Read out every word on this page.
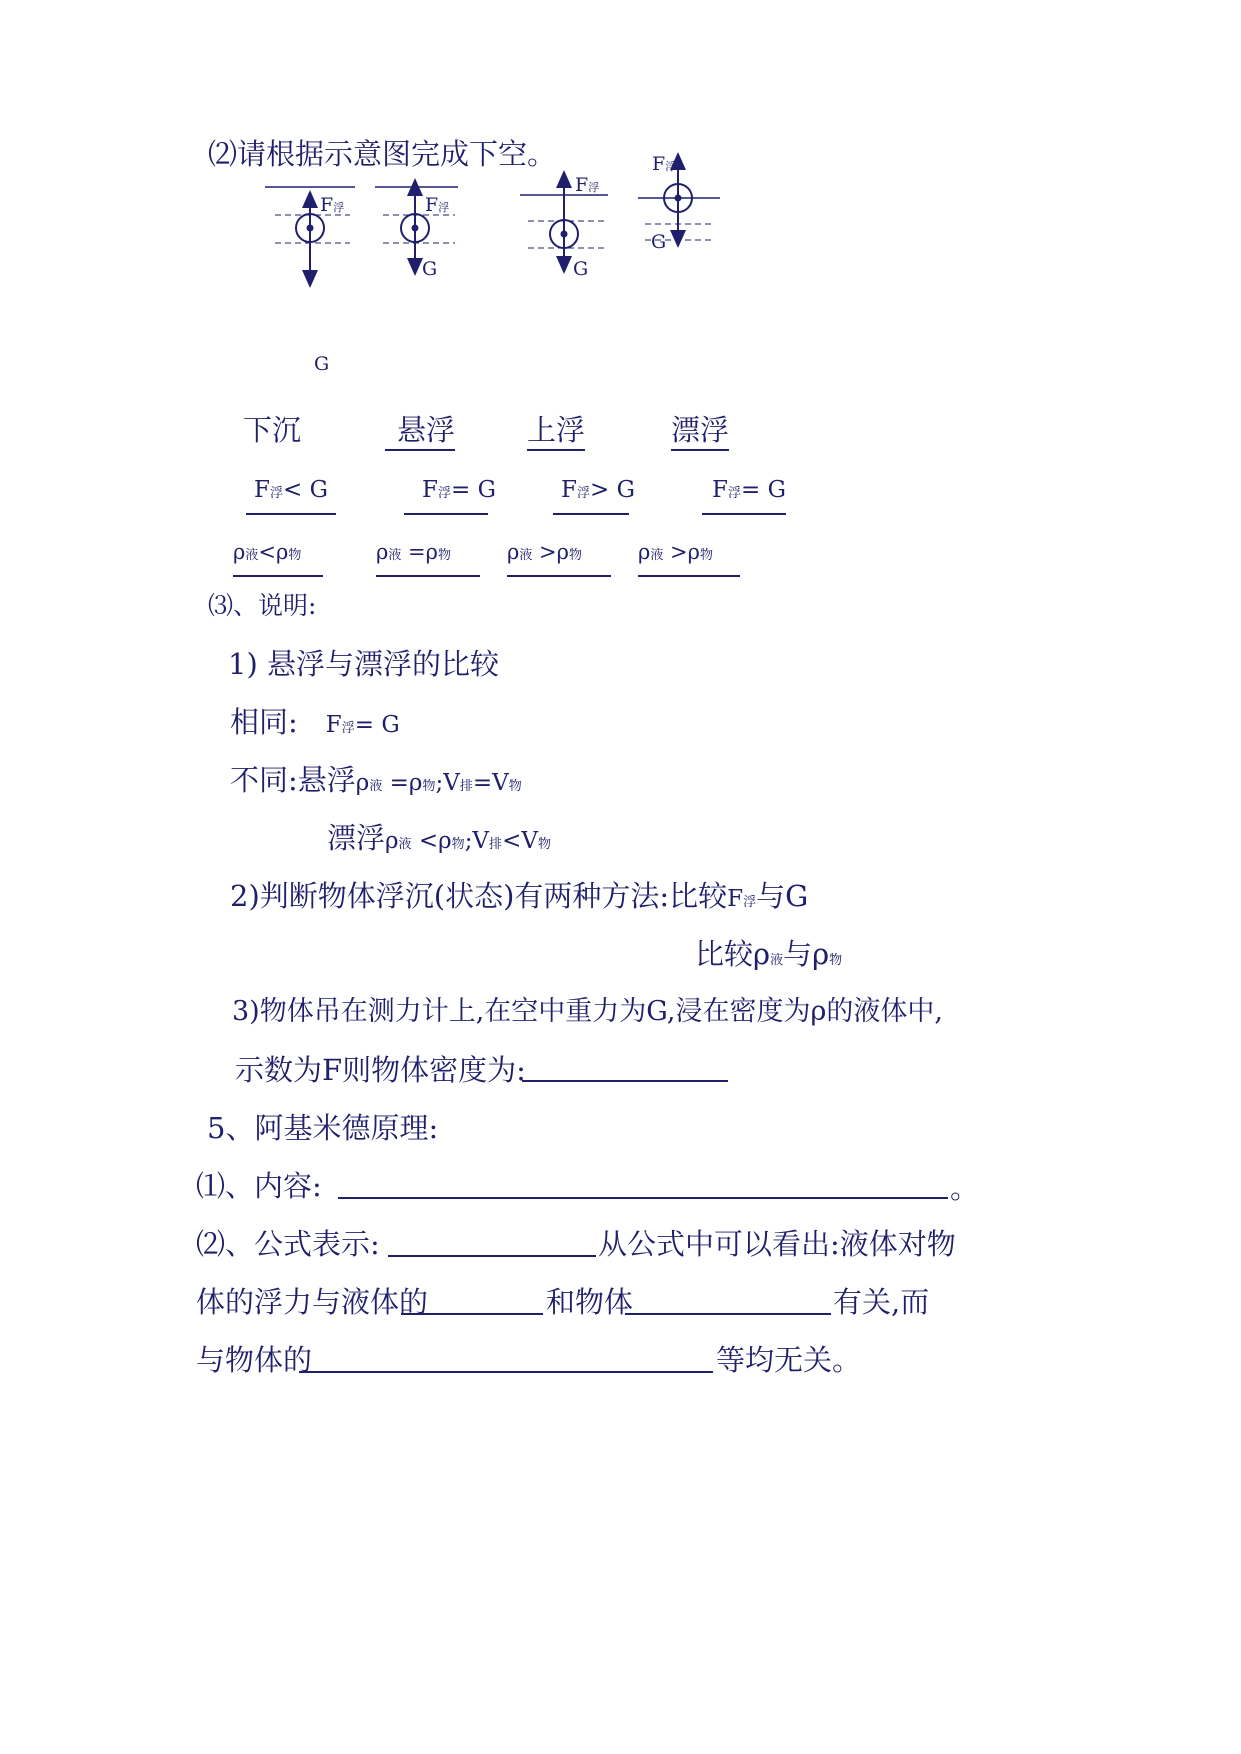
⑵请根据示意图完成下空。
F浮
G
F浮
G
F浮
G
F浮
G
下沉	悬浮 上浮	漂浮
F浮< G	F浮= G	F浮> G	F浮= G
ρ液<ρ物	ρ液 =ρ物	ρ液 >ρ物	ρ液 >ρ物
⑶、说明:
1) 悬浮与漂浮的比较
相同: F浮= G
不同:悬浮ρ液 =ρ物;V排=V物
漂浮ρ液 <ρ物;V排<V物
2)判断物体浮沉(状态)有两种方法:比较F浮与G
比较ρ液与ρ物
3)物体吊在测力计上,在空中重力为G,浸在密度为ρ的液体中,
示数为F则物体密度为:
5、阿基米德原理:
⑴、内容:	。
⑵、公式表示:	从公式中可以看出:液体对物
体的浮力与液体的	和物体	有关,而
与物体的	等均无关。
